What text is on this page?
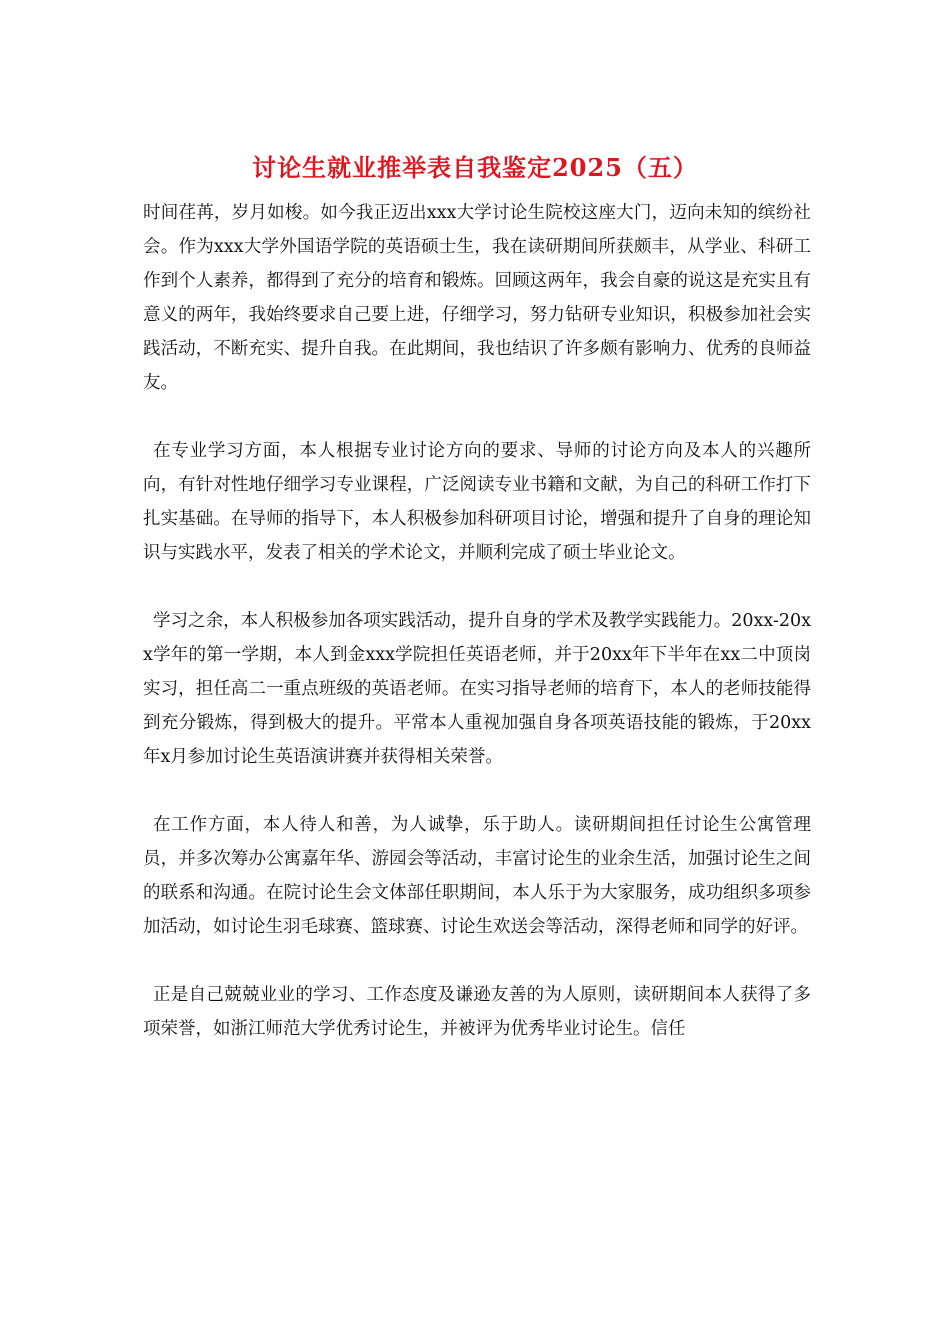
讨论生就业推举表自我鉴定2025（五）

时间荏苒，岁月如梭。如今我正迈出xxx大学讨论生院校这座大门，迈向未知的缤纷社会。作为xxx大学外国语学院的英语硕士生，我在读研期间所获颇丰，从学业、科研工作到个人素养，都得到了充分的培育和锻炼。回顾这两年，我会自豪的说这是充实且有意义的两年，我始终要求自己要上进，仔细学习，努力钻研专业知识，积极参加社会实践活动，不断充实、提升自我。在此期间，我也结识了许多颇有影响力、优秀的良师益友。

在专业学习方面，本人根据专业讨论方向的要求、导师的讨论方向及本人的兴趣所向，有针对性地仔细学习专业课程，广泛阅读专业书籍和文献，为自己的科研工作打下扎实基础。在导师的指导下，本人积极参加科研项目讨论，增强和提升了自身的理论知识与实践水平，发表了相关的学术论文，并顺利完成了硕士毕业论文。

学习之余，本人积极参加各项实践活动，提升自身的学术及教学实践能力。20xx-20xx学年的第一学期，本人到金xxx学院担任英语老师，并于20xx年下半年在xx二中顶岗实习，担任高二一重点班级的英语老师。在实习指导老师的培育下，本人的老师技能得到充分锻炼，得到极大的提升。平常本人重视加强自身各项英语技能的锻炼，于20xx年x月参加讨论生英语演讲赛并获得相关荣誉。

在工作方面，本人待人和善，为人诚挚，乐于助人。读研期间担任讨论生公寓管理员，并多次筹办公寓嘉年华、游园会等活动，丰富讨论生的业余生活，加强讨论生之间的联系和沟通。在院讨论生会文体部任职期间，本人乐于为大家服务，成功组织多项参加活动，如讨论生羽毛球赛、篮球赛、讨论生欢送会等活动，深得老师和同学的好评。

正是自己兢兢业业的学习、工作态度及谦逊友善的为人原则，读研期间本人获得了多项荣誉，如浙江师范大学优秀讨论生，并被评为优秀毕业讨论生。信任
